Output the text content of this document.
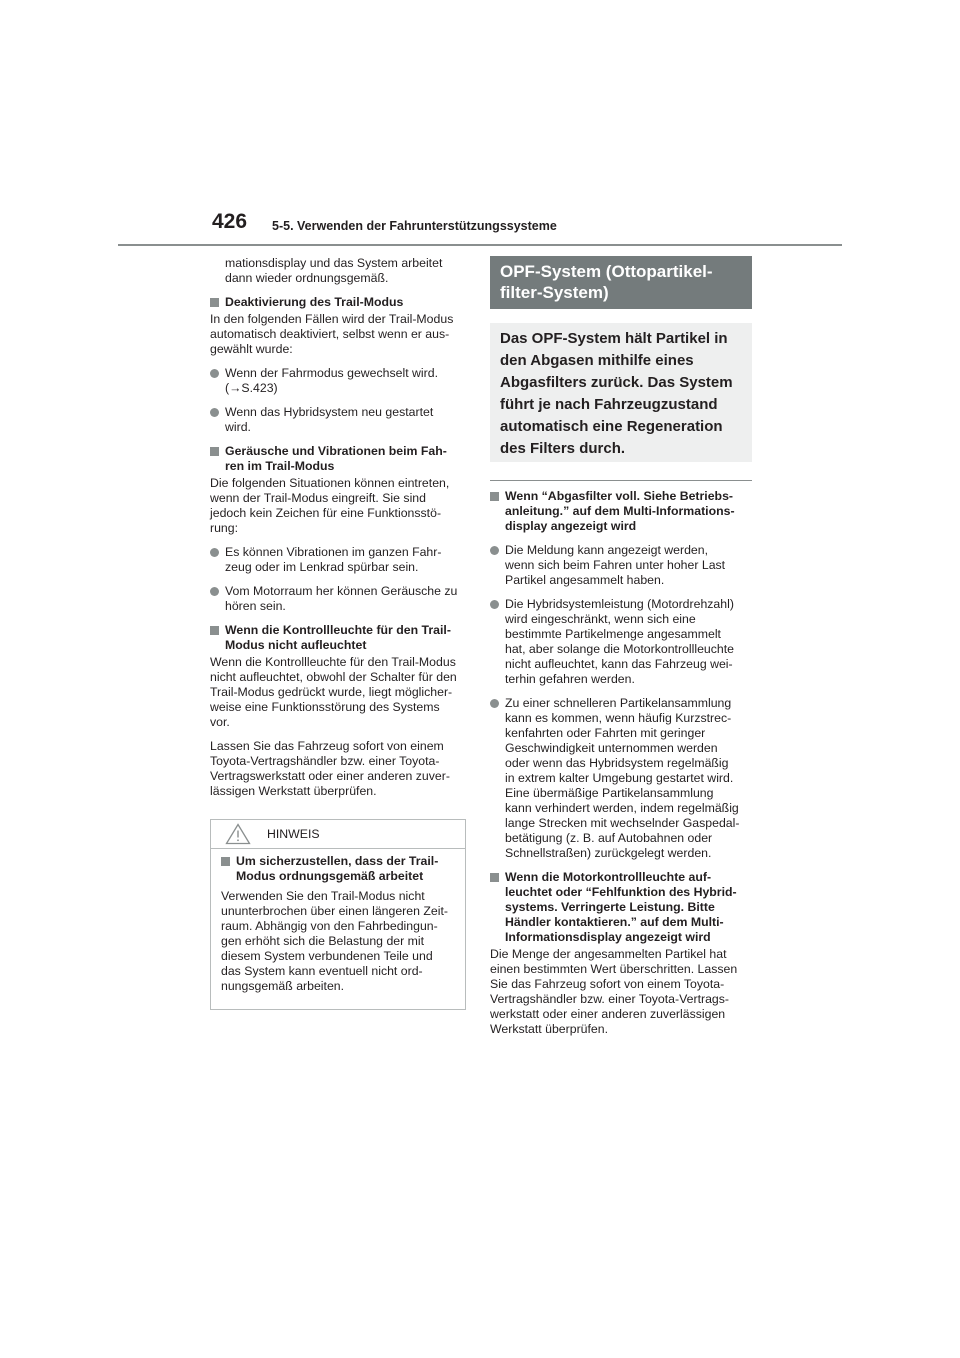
426 5-5. Verwenden der Fahrunterstützungssysteme

mationsdisplay und das System arbeitet
dann wieder ordnungsgemäß.

Deaktivierung des Trail-Modus

In den folgenden Fällen wird der Trail-Modus
automatisch deaktiviert, selbst wenn er aus-
gewählt wurde:

Wenn der Fahrmodus gewechselt wird.
(→S.423)
Wenn das Hybridsystem neu gestartet
wird.
Geräusche und Vibrationen beim Fah-
ren im Trail-Modus

Die folgenden Situationen können eintreten,
wenn der Trail-Modus eingreift. Sie sind
jedoch kein Zeichen für eine Funktionsstö-
rung:

Es können Vibrationen im ganzen Fahr-
zeug oder im Lenkrad spürbar sein.
Vom Motorraum her können Geräusche zu
hören sein.
Wenn die Kontrollleuchte für den Trail-
Modus nicht aufleuchtet

Wenn die Kontrollleuchte für den Trail-Modus
nicht aufleuchtet, obwohl der Schalter für den
Trail-Modus gedrückt wurde, liegt möglicher-
weise eine Funktionsstörung des Systems
vor.

Lassen Sie das Fahrzeug sofort von einem
Toyota-Vertragshändler bzw. einer Toyota-
Vertragswerkstatt oder einer anderen zuver-
lässigen Werkstatt überprüfen.

HINWEIS
Um sicherzustellen, dass der Trail-
Modus ordnungsgemäß arbeitet

Verwenden Sie den Trail-Modus nicht
ununterbrochen über einen längeren Zeit-
raum. Abhängig von den Fahrbedingun-
gen erhöht sich die Belastung der mit
diesem System verbundenen Teile und
das System kann eventuell nicht ord-
nungsgemäß arbeiten.

OPF-System (Ottopartikel-
filter-System)
Das OPF-System hält Partikel in
den Abgasen mithilfe eines
Abgasfilters zurück. Das System
führt je nach Fahrzeugzustand
automatisch eine Regeneration
des Filters durch.
Wenn “Abgasfilter voll. Siehe Betriebs-
anleitung.” auf dem Multi-Informations-
display angezeigt wird
Die Meldung kann angezeigt werden,
wenn sich beim Fahren unter hoher Last
Partikel angesammelt haben.
Die Hybridsystemleistung (Motordrehzahl)
wird eingeschränkt, wenn sich eine
bestimmte Partikelmenge angesammelt
hat, aber solange die Motorkontrollleuchte
nicht aufleuchtet, kann das Fahrzeug wei-
terhin gefahren werden.
Zu einer schnelleren Partikelansammlung
kann es kommen, wenn häufig Kurzstrec-
kenfahrten oder Fahrten mit geringer
Geschwindigkeit unternommen werden
oder wenn das Hybridsystem regelmäßig
in extrem kalter Umgebung gestartet wird.
Eine übermäßige Partikelansammlung
kann verhindert werden, indem regelmäßig
lange Strecken mit wechselnder Gaspedal-
betätigung (z. B. auf Autobahnen oder
Schnellstraßen) zurückgelegt werden.
Wenn die Motorkontrollleuchte auf-
leuchtet oder “Fehlfunktion des Hybrid-
systems. Verringerte Leistung. Bitte
Händler kontaktieren.” auf dem Multi-
Informationsdisplay angezeigt wird

Die Menge der angesammelten Partikel hat
einen bestimmten Wert überschritten. Lassen
Sie das Fahrzeug sofort von einem Toyota-
Vertragshändler bzw. einer Toyota-Vertrags-
werkstatt oder einer anderen zuverlässigen
Werkstatt überprüfen.
